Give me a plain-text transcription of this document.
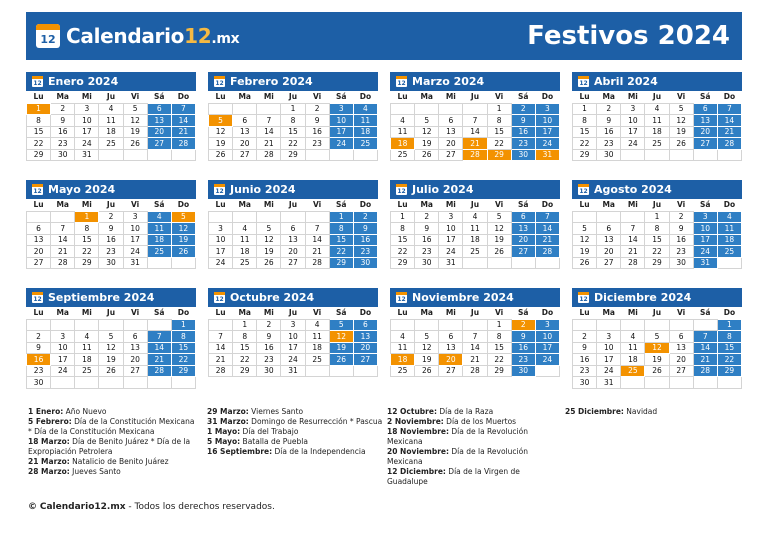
12 Calendario12.mx	Festivos 2024
12 Enero 2024
Lu	Ma	Mi	Ju	Vi	Sá	Do
1	2	3	4	5	6	7
8	9	10	11	12	13	14
15	16	17	18	19	20	21
22	23	24	25	26	27	28
29	30	31				
12 Febrero 2024
Lu	Ma	Mi	Ju	Vi	Sá	Do
			1	2	3	4
5	6	7	8	9	10	11
12	13	14	15	16	17	18
19	20	21	22	23	24	25
26	27	28	29			
12 Marzo 2024
Lu	Ma	Mi	Ju	Vi	Sá	Do
				1	2	3
4	5	6	7	8	9	10
11	12	13	14	15	16	17
18	19	20	21	22	23	24
25	26	27	28	29	30	31
12 Abril 2024
Lu	Ma	Mi	Ju	Vi	Sá	Do
1	2	3	4	5	6	7
8	9	10	11	12	13	14
15	16	17	18	19	20	21
22	23	24	25	26	27	28
29	30					
12 Mayo 2024
Lu	Ma	Mi	Ju	Vi	Sá	Do
		1	2	3	4	5
6	7	8	9	10	11	12
13	14	15	16	17	18	19
20	21	22	23	24	25	26
27	28	29	30	31		
12 Junio 2024
Lu	Ma	Mi	Ju	Vi	Sá	Do
					1	2
3	4	5	6	7	8	9
10	11	12	13	14	15	16
17	18	19	20	21	22	23
24	25	26	27	28	29	30
12 Julio 2024
Lu	Ma	Mi	Ju	Vi	Sá	Do
1	2	3	4	5	6	7
8	9	10	11	12	13	14
15	16	17	18	19	20	21
22	23	24	25	26	27	28
29	30	31				
12 Agosto 2024
Lu	Ma	Mi	Ju	Vi	Sá	Do
			1	2	3	4
5	6	7	8	9	10	11
12	13	14	15	16	17	18
19	20	21	22	23	24	25
26	27	28	29	30	31	
12 Septiembre 2024
Lu	Ma	Mi	Ju	Vi	Sá	Do
						1
2	3	4	5	6	7	8
9	10	11	12	13	14	15
16	17	18	19	20	21	22
23	24	25	26	27	28	29
30						
12 Octubre 2024
Lu	Ma	Mi	Ju	Vi	Sá	Do
	1	2	3	4	5	6
7	8	9	10	11	12	13
14	15	16	17	18	19	20
21	22	23	24	25	26	27
28	29	30	31			
12 Noviembre 2024
Lu	Ma	Mi	Ju	Vi	Sá	Do
				1	2	3
4	5	6	7	8	9	10
11	12	13	14	15	16	17
18	19	20	21	22	23	24
25	26	27	28	29	30	
12 Diciembre 2024
Lu	Ma	Mi	Ju	Vi	Sá	Do
						1
2	3	4	5	6	7	8
9	10	11	12	13	14	15
16	17	18	19	20	21	22
23	24	25	26	27	28	29
30	31					
1 Enero: Año Nuevo
5 Febrero: Día de la Constitución Mexicana * Día de la Constitución Mexicana
18 Marzo: Día de Benito Juárez * Día de la Expropiación Petrolera
21 Marzo: Natalicio de Benito Juárez
28 Marzo: Jueves Santo
29 Marzo: Viernes Santo
31 Marzo: Domingo de Resurrección * Pascua
1 Mayo: Día del Trabajo
5 Mayo: Batalla de Puebla
16 Septiembre: Día de la Independencia
12 Octubre: Día de la Raza
2 Noviembre: Día de los Muertos
18 Noviembre: Día de la Revolución Mexicana
20 Noviembre: Día de la Revolución Mexicana
12 Diciembre: Día de la Virgen de Guadalupe
25 Diciembre: Navidad
© Calendario12.mx - Todos los derechos reservados.
